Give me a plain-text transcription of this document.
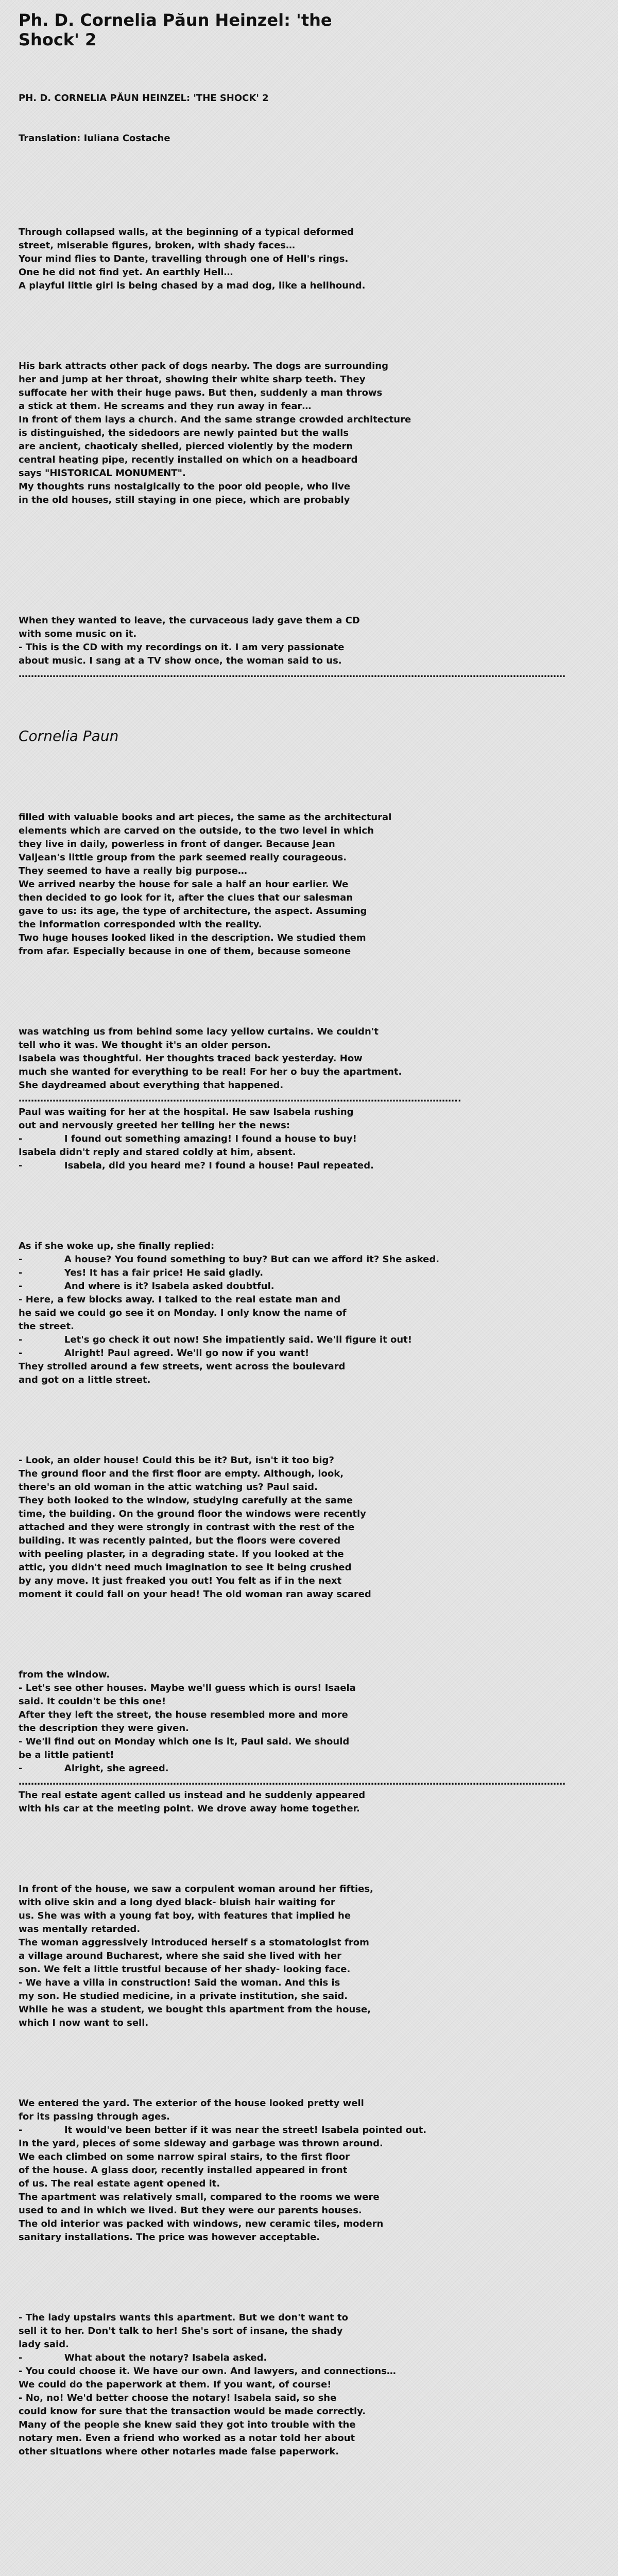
Ph. D. Cornelia Păun Heinzel: 'the Shock' 2

PH. D. CORNELIA PĂUN HEINZEL: 'THE SHOCK' 2

Translation: Iuliana Costache

Through collapsed walls, at the beginning of a typical deformed
street, miserable figures, broken, with shady faces…
Your mind flies to Dante, travelling through one of Hell's rings.
One he did not find yet. An earthly Hell…
A playful little girl is being chased by a mad dog, like a hellhound.

His bark attracts other pack of dogs nearby. The dogs are surrounding
her and jump at her throat, showing their white sharp teeth. They
suffocate her with their huge paws. But then, suddenly a man throws
a stick at them. He screams and they run away in fear…
In front of them lays a church. And the same strange crowded architecture
is distinguished, the sidedoors are newly painted but the walls
are ancient, chaoticaly shelled, pierced violently by the modern
central heating pipe, recently installed on which on a headboard
says "HISTORICAL MONUMENT".
My thoughts runs nostalgically to the poor old people, who live
in the old houses, still staying in one piece, which are probably

When they wanted to leave, the curvaceous lady gave them a CD
with some music on it.
- This is the CD with my recordings on it. I am very passionate
about music. I sang at a TV show once, the woman said to us.
……………………………………………………………………………………………………………………………………………………………

Cornelia Paun

filled with valuable books and art pieces, the same as the architectural
elements which are carved on the outside, to the two level in which
they live in daily, powerless in front of danger. Because Jean
Valjean's little group from the park seemed really courageous.
They seemed to have a really big purpose…
We arrived nearby the house for sale a half an hour earlier. We
then decided to go look for it, after the clues that our salesman
gave to us: its age, the type of architecture, the aspect. Assuming
the information corresponded with the reality.
Two huge houses looked liked in the description. We studied them
from afar. Especially because in one of them, because someone

was watching us from behind some lacy yellow curtains. We couldn't
tell who it was. We thought it's an older person.
Isabela was thoughtful. Her thoughts traced back yesterday. How
much she wanted for everything to be real! For her o buy the apartment.
She daydreamed about everything that happened.
……………………………………………………………………………………………………………………………..
Paul was waiting for her at the hospital. He saw Isabela rushing
out and nervously greeted her telling her the news:
-             I found out something amazing! I found a house to buy!
Isabela didn't reply and stared coldly at him, absent.
-             Isabela, did you heard me? I found a house! Paul repeated.

As if she woke up, she finally replied:
-             A house? You found something to buy? But can we afford it? She asked.
-             Yes! It has a fair price! He said gladly.
-             And where is it? Isabela asked doubtful.
- Here, a few blocks away. I talked to the real estate man and
he said we could go see it on Monday. I only know the name of
the street.
-             Let's go check it out now! She impatiently said. We'll figure it out!
-             Alright! Paul agreed. We'll go now if you want!
They strolled around a few streets, went across the boulevard
and got on a little street.

- Look, an older house! Could this be it? But, isn't it too big?
The ground floor and the first floor are empty. Although, look,
there's an old woman in the attic watching us? Paul said.
They both looked to the window, studying carefully at the same
time, the building. On the ground floor the windows were recently
attached and they were strongly in contrast with the rest of the
building. It was recently painted, but the floors were covered
with peeling plaster, in a degrading state. If you looked at the
attic, you didn't need much imagination to see it being crushed
by any move. It just freaked you out! You felt as if in the next
moment it could fall on your head! The old woman ran away scared

from the window.
- Let's see other houses. Maybe we'll guess which is ours! Isaela
said. It couldn't be this one!
After they left the street, the house resembled more and more
the description they were given.
- We'll find out on Monday which one is it, Paul said. We should
be a little patient!
-             Alright, she agreed.
……………………………………………………………………………………………………………………………………………………………
The real estate agent called us instead and he suddenly appeared
with his car at the meeting point. We drove away home together.

In front of the house, we saw a corpulent woman around her fifties,
with olive skin and a long dyed black- bluish hair waiting for
us. She was with a young fat boy, with features that implied he
was mentally retarded.
The woman aggressively introduced herself s a stomatologist from
a village around Bucharest, where she said she lived with her
son. We felt a little trustful because of her shady- looking face.
- We have a villa in construction! Said the woman. And this is
my son. He studied medicine, in a private institution, she said.
While he was a student, we bought this apartment from the house,
which I now want to sell.

We entered the yard. The exterior of the house looked pretty well
for its passing through ages.
-             It would've been better if it was near the street! Isabela pointed out.
In the yard, pieces of some sideway and garbage was thrown around.
We each climbed on some narrow spiral stairs, to the first floor
of the house. A glass door, recently installed appeared in front
of us. The real estate agent opened it.
The apartment was relatively small, compared to the rooms we were
used to and in which we lived. But they were our parents houses.
The old interior was packed with windows, new ceramic tiles, modern
sanitary installations. The price was however acceptable.

- The lady upstairs wants this apartment. But we don't want to
sell it to her. Don't talk to her! She's sort of insane, the shady
lady said.
-             What about the notary? Isabela asked.
- You could choose it. We have our own. And lawyers, and connections…
We could do the paperwork at them. If you want, of course!
- No, no! We'd better choose the notary! Isabela said, so she
could know for sure that the transaction would be made correctly.
Many of the people she knew said they got into trouble with the
notary men. Even a friend who worked as a notar told her about
other situations where other notaries made false paperwork.
